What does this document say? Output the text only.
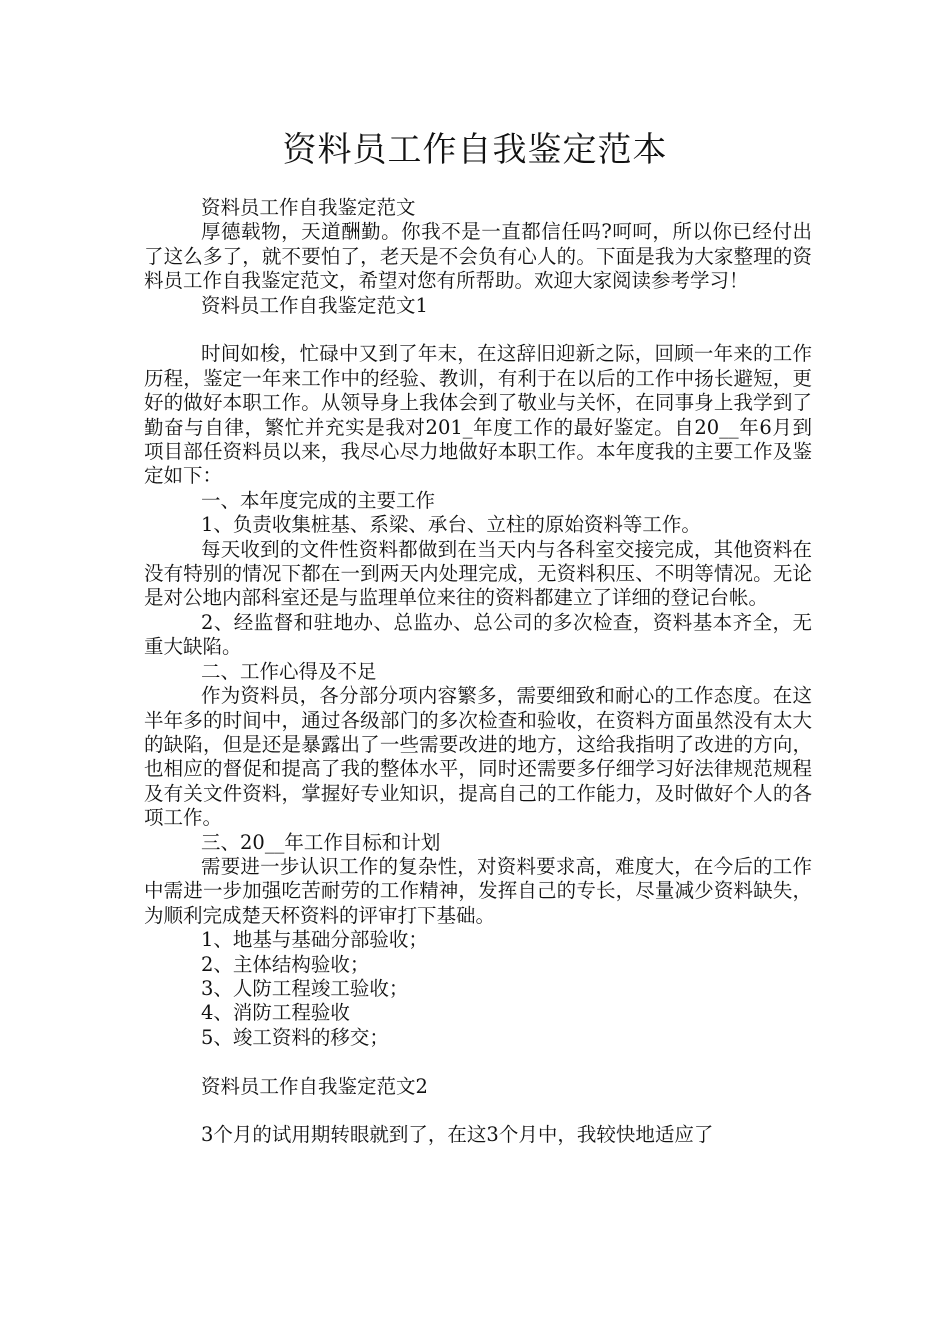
资料员工作自我鉴定范本

资料员工作自我鉴定范文

厚德载物，天道酬勤。你我不是一直都信任吗?呵呵，所以你已经付出了这么多了，就不要怕了，老天是不会负有心人的。下面是我为大家整理的资料员工作自我鉴定范文，希望对您有所帮助。欢迎大家阅读参考学习！

资料员工作自我鉴定范文1

时间如梭，忙碌中又到了年末，在这辞旧迎新之际，回顾一年来的工作历程，鉴定一年来工作中的经验、教训，有利于在以后的工作中扬长避短，更好的做好本职工作。从领导身上我体会到了敬业与关怀，在同事身上我学到了勤奋与自律，繁忙并充实是我对201_年度工作的最好鉴定。自20__年6月到项目部任资料员以来，我尽心尽力地做好本职工作。本年度我的主要工作及鉴定如下：

一、本年度完成的主要工作

1、负责收集桩基、系梁、承台、立柱的原始资料等工作。

每天收到的文件性资料都做到在当天内与各科室交接完成，其他资料在没有特别的情况下都在一到两天内处理完成，无资料积压、不明等情况。无论是对公地内部科室还是与监理单位来往的资料都建立了详细的登记台帐。

2、经监督和驻地办、总监办、总公司的多次检查，资料基本齐全，无重大缺陷。

二、工作心得及不足

作为资料员，各分部分项内容繁多，需要细致和耐心的工作态度。在这半年多的时间中，通过各级部门的多次检查和验收，在资料方面虽然没有太大的缺陷，但是还是暴露出了一些需要改进的地方，这给我指明了改进的方向，也相应的督促和提高了我的整体水平，同时还需要多仔细学习好法律规范规程及有关文件资料，掌握好专业知识，提高自己的工作能力，及时做好个人的各项工作。

三、20__年工作目标和计划

需要进一步认识工作的复杂性，对资料要求高，难度大，在今后的工作中需进一步加强吃苦耐劳的工作精神，发挥自己的专长，尽量减少资料缺失，为顺利完成楚天杯资料的评审打下基础。

1、地基与基础分部验收；

2、主体结构验收；

3、人防工程竣工验收；

4、消防工程验收

5、竣工资料的移交；

资料员工作自我鉴定范文2

3个月的试用期转眼就到了，在这3个月中，我较快地适应了
